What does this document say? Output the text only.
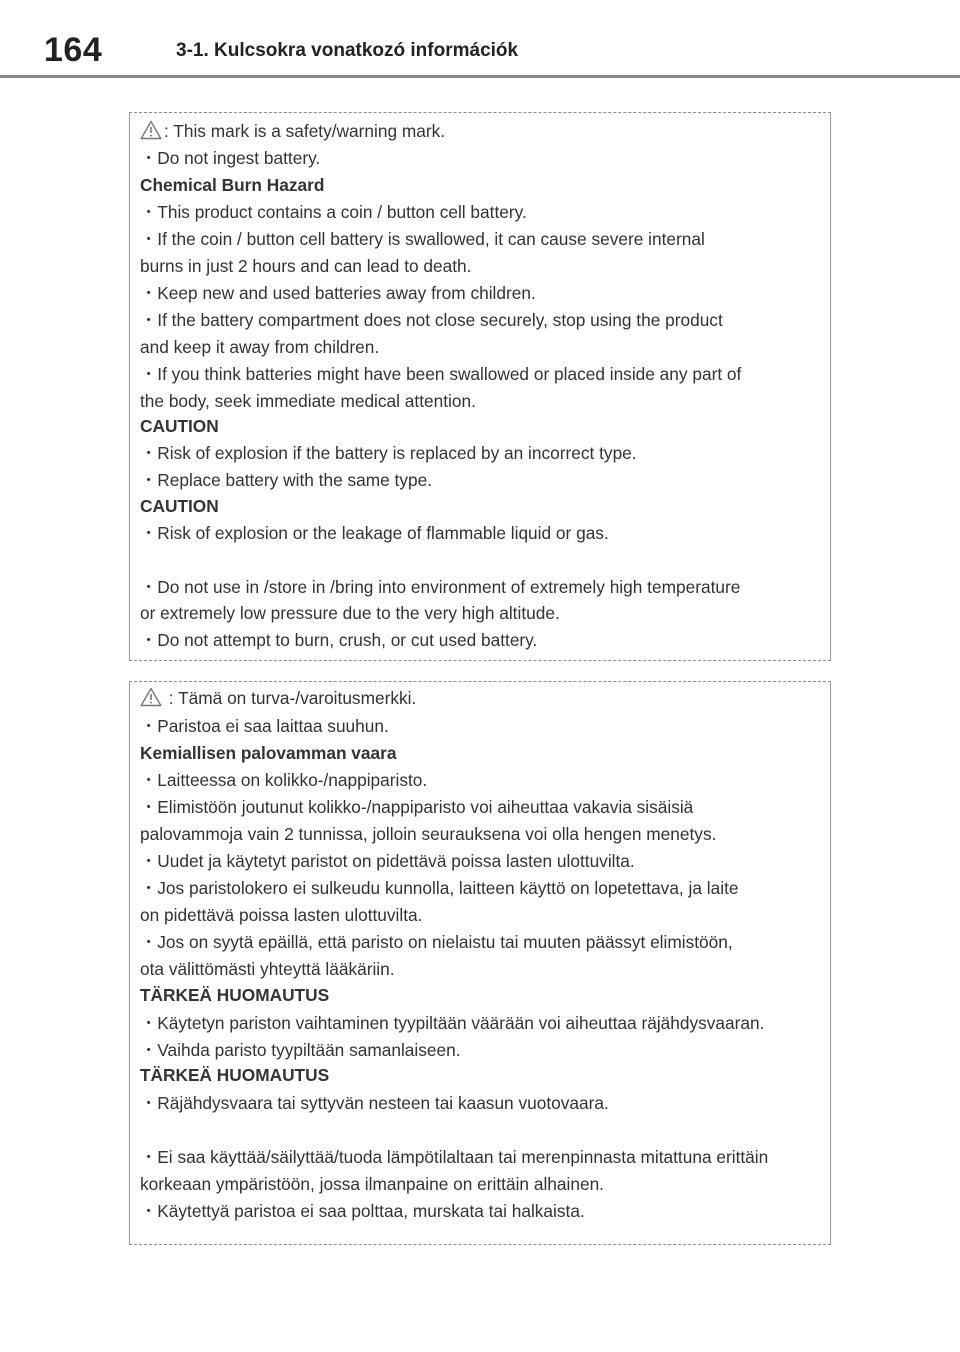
164	3-1. Kulcsokra vonatkozó információk
: This mark is a safety/warning mark.
・Do not ingest battery.
Chemical Burn Hazard
・This product contains a coin / button cell battery.
・If the coin / button cell battery is swallowed, it can cause severe internal
burns in just 2 hours and can lead to death.
・Keep new and used batteries away from children.
・If the battery compartment does not close securely, stop using the product
and keep it away from children.
・If you think batteries might have been swallowed or placed inside any part of
the body, seek immediate medical attention.
CAUTION
・Risk of explosion if the battery is replaced by an incorrect type.
・Replace battery with the same type.
CAUTION
・Risk of explosion or the leakage of flammable liquid or gas.
・Do not use in /store in /bring into environment of extremely high temperature
or extremely low pressure due to the very high altitude.
・Do not attempt to burn, crush, or cut used battery.
: Tämä on turva-/varoitusmerkki.
・Paristoa ei saa laittaa suuhun.
Kemiallisen palovamman vaara
・Laitteessa on kolikko-/nappiparisto.
・Elimistöön joutunut kolikko-/nappiparisto voi aiheuttaa vakavia sisäisiä
palovammoja vain 2 tunnissa, jolloin seurauksena voi olla hengen menetys.
・Uudet ja käytetyt paristot on pidettävä poissa lasten ulottuvilta.
・Jos paristolokero ei sulkeudu kunnolla, laitteen käyttö on lopetettava, ja laite
on pidettävä poissa lasten ulottuvilta.
・Jos on syytä epäillä, että paristo on nielaistu tai muuten päässyt elimistöön,
ota välittömästi yhteyttä lääkäriin.
TÄRKEÄ HUOMAUTUS
・Käytetyn pariston vaihtaminen tyypiltään väärään voi aiheuttaa räjähdysvaaran.
・Vaihda paristo tyypiltään samanlaiseen.
TÄRKEÄ HUOMAUTUS
・Räjähdysvaara tai syttyvän nesteen tai kaasun vuotovaara.
・Ei saa käyttää/säilyttää/tuoda lämpötilaltaan tai merenpinnasta mitattuna erittäin
korkeaan ympäristöön, jossa ilmanpaine on erittäin alhainen.
・Käytettyä paristoa ei saa polttaa, murskata tai halkaista.
